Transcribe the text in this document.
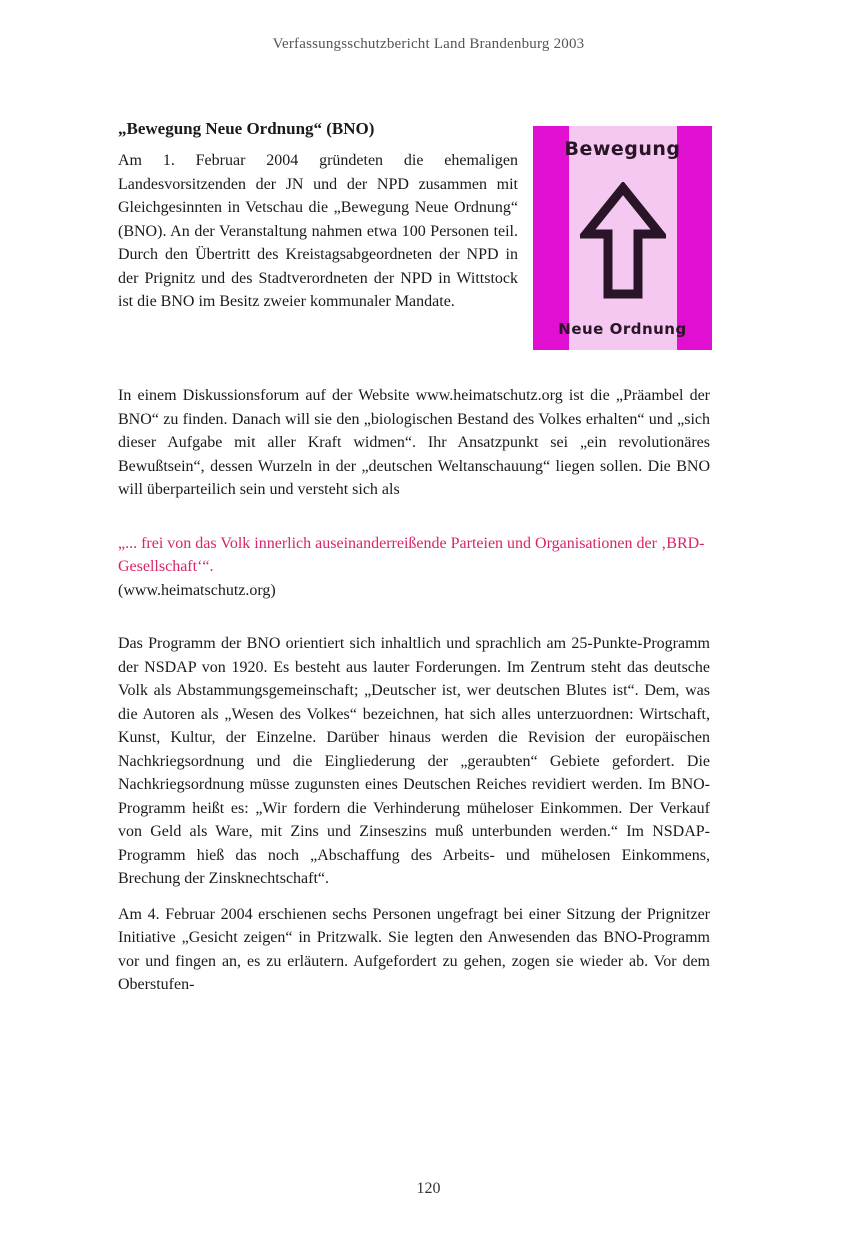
Verfassungsschutzbericht Land Brandenburg 2003
Bewegung
Neue Ordnung
„Bewegung Neue Ordnung“ (BNO)

Am 1. Februar 2004 gründeten die ehemaligen Landesvorsitzenden der JN und der NPD zusammen mit Gleichgesinnten in Vetschau die „Bewegung Neue Ordnung“ (BNO). An der Veranstaltung nahmen etwa 100 Personen teil. Durch den Übertritt des Kreistagsabgeordneten der NPD in der Prignitz und des Stadtverordneten der NPD in Wittstock ist die BNO im Besitz zweier kommunaler Mandate.

In einem Diskussionsforum auf der Website www.heimatschutz.org ist die „Präambel der BNO“ zu finden. Danach will sie den „biologischen Bestand des Volkes erhalten“ und „sich dieser Aufgabe mit aller Kraft widmen“. Ihr Ansatzpunkt sei „ein revolutionäres Bewußtsein“, dessen Wurzeln in der „deutschen Weltanschauung“ liegen sollen. Die BNO will überparteilich sein und versteht sich als

„... frei von das Volk innerlich auseinanderreißende Parteien und Organisationen der ‚BRD-Gesellschaft‘“.
(www.heimatschutz.org)

Das Programm der BNO orientiert sich inhaltlich und sprachlich am 25-Punkte-Programm der NSDAP von 1920. Es besteht aus lauter Forderungen. Im Zentrum steht das deutsche Volk als Abstammungsgemeinschaft; „Deutscher ist, wer deutschen Blutes ist“. Dem, was die Autoren als „Wesen des Volkes“ bezeichnen, hat sich alles unterzuordnen: Wirtschaft, Kunst, Kultur, der Einzelne. Darüber hinaus werden die Revision der europäischen Nachkriegsordnung und die Eingliederung der „geraubten“ Gebiete gefordert. Die Nachkriegsordnung müsse zugunsten eines Deutschen Reiches revidiert werden. Im BNO-Programm heißt es: „Wir fordern die Verhinderung müheloser Einkommen. Der Verkauf von Geld als Ware, mit Zins und Zinseszins muß unterbunden werden.“ Im NSDAP-Programm hieß das noch „Abschaffung des Arbeits- und mühelosen Einkommens, Brechung der Zinsknechtschaft“.

Am 4. Februar 2004 erschienen sechs Personen ungefragt bei einer Sitzung der Prignitzer Initiative „Gesicht zeigen“ in Pritzwalk. Sie legten den Anwesenden das BNO-Programm vor und fingen an, es zu erläutern. Aufgefordert zu gehen, zogen sie wieder ab. Vor dem Oberstufen-

120
